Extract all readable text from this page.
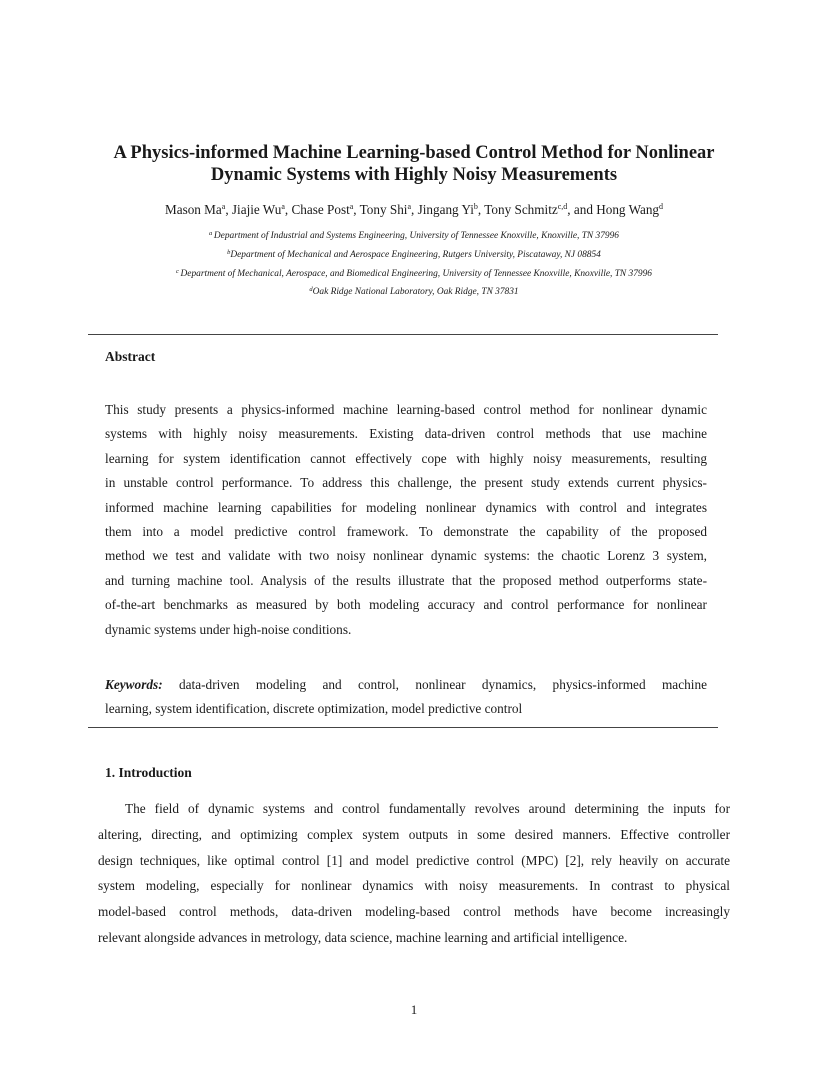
A Physics-informed Machine Learning-based Control Method for Nonlinear
Dynamic Systems with Highly Noisy Measurements
Mason Ma$^a$, Jiajie Wu$^a$, Chase Post$^a$, Tony Shi$^a$, Jingang Yi$^b$, Tony Schmitz$^{c,d}$, and Hong Wang$^d$
$^a$ Department of Industrial and Systems Engineering, University of Tennessee Knoxville, Knoxville, TN 37996
$^b$Department of Mechanical and Aerospace Engineering, Rutgers University, Piscataway, NJ 08854
$^c$ Department of Mechanical, Aerospace, and Biomedical Engineering, University of Tennessee Knoxville, Knoxville, TN 37996
$^d$Oak Ridge National Laboratory, Oak Ridge, TN 37831
Abstract
This study presents a physics-informed machine learning-based control method for nonlinear dynamic
systems with highly noisy measurements. Existing data-driven control methods that use machine
learning for system identification cannot effectively cope with highly noisy measurements, resulting
in unstable control performance. To address this challenge, the present study extends current physics-
informed machine learning capabilities for modeling nonlinear dynamics with control and integrates
them into a model predictive control framework. To demonstrate the capability of the proposed
method we test and validate with two noisy nonlinear dynamic systems: the chaotic Lorenz 3 system,
and turning machine tool. Analysis of the results illustrate that the proposed method outperforms state-
of-the-art benchmarks as measured by both modeling accuracy and control performance for nonlinear
dynamic systems under high-noise conditions.
Keywords: data-driven modeling and control, nonlinear dynamics, physics-informed machine
learning, system identification, discrete optimization, model predictive control
1. Introduction
The field of dynamic systems and control fundamentally revolves around determining the inputs for
altering, directing, and optimizing complex system outputs in some desired manners. Effective controller
design techniques, like optimal control [1] and model predictive control (MPC) [2], rely heavily on accurate
system modeling, especially for nonlinear dynamics with noisy measurements. In contrast to physical
model-based control methods, data-driven modeling-based control methods have become increasingly
relevant alongside advances in metrology, data science, machine learning and artificial intelligence.
1
